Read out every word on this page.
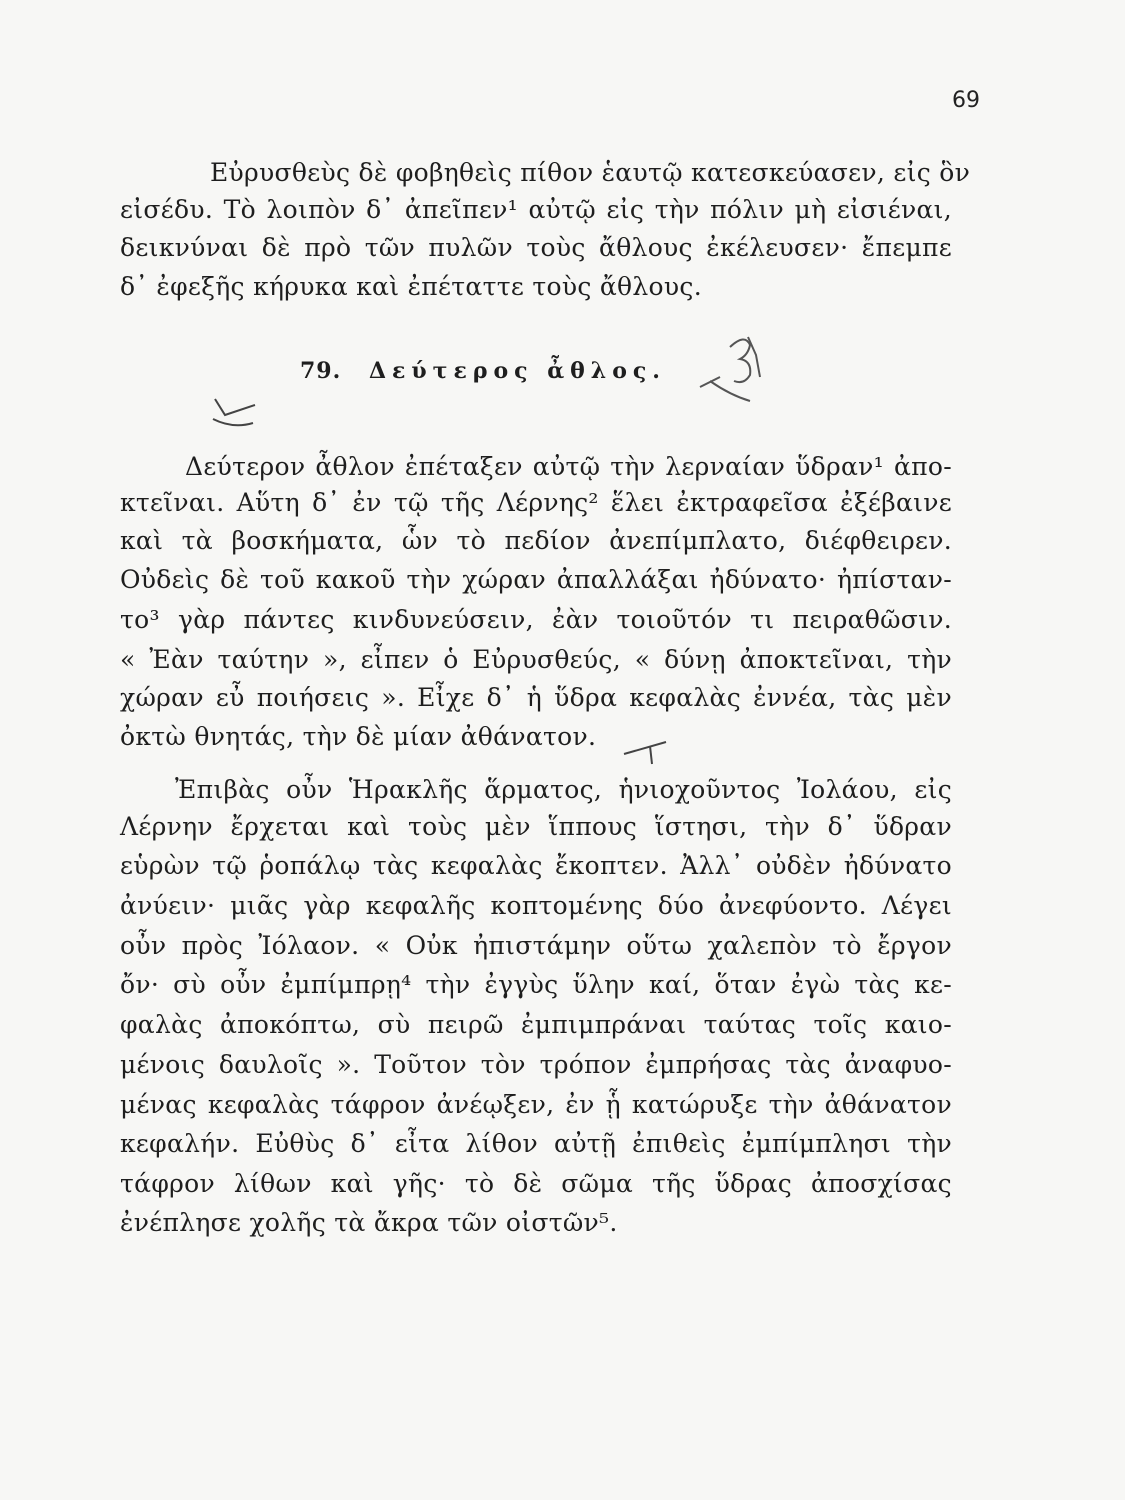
69
Εὐρυσθεὺς δὲ φοβηθεὶς πίθον ἑαυτῷ κατεσκεύασεν, εἰς ὃν
εἰσέδυ. Τὸ λοιπὸν δ᾿ ἀπεῖπεν¹ αὐτῷ εἰς τὴν πόλιν μὴ εἰσιέναι,
δεικνύναι δὲ πρὸ τῶν πυλῶν τοὺς ἄθλους ἐκέλευσεν· ἔπεμπε
δ᾿ ἐφεξῆς κήρυκα καὶ ἐπέταττε τοὺς ἄθλους.
79. Δεύτερος ἆθλος.
Δεύτερον ἆθλον ἐπέταξεν αὐτῷ τὴν λερναίαν ὕδραν¹ ἀπο-
κτεῖναι. Αὕτη δ᾿ ἐν τῷ τῆς Λέρνης² ἕλει ἐκτραφεῖσα ἐξέβαινε
καὶ τὰ βοσκήματα, ὧν τὸ πεδίον ἀνεπίμπλατο, διέφθειρεν.
Οὐδεὶς δὲ τοῦ κακοῦ τὴν χώραν ἀπαλλάξαι ἠδύνατο· ἠπίσταν-
το³ γὰρ πάντες κινδυνεύσειν, ἐὰν τοιοῦτόν τι πειραθῶσιν.
« Ἐὰν ταύτην », εἶπεν ὁ Εὐρυσθεύς, « δύνῃ ἀποκτεῖναι, τὴν
χώραν εὖ ποιήσεις ». Εἶχε δ᾿ ἡ ὕδρα κεφαλὰς ἐννέα, τὰς μὲν
ὀκτὼ θνητάς, τὴν δὲ μίαν ἀθάνατον.
Ἐπιβὰς οὖν Ἡρακλῆς ἅρματος, ἡνιοχοῦντος Ἰολάου, εἰς
Λέρνην ἔρχεται καὶ τοὺς μὲν ἵππους ἵστησι, τὴν δ᾿ ὕδραν
εὑρὼν τῷ ῥοπάλῳ τὰς κεφαλὰς ἔκοπτεν. Ἀλλ᾿ οὐδὲν ἠδύνατο
ἀνύειν· μιᾶς γὰρ κεφαλῆς κοπτομένης δύο ἀνεφύοντο. Λέγει
οὖν πρὸς Ἰόλαον. « Οὐκ ἠπιστάμην οὕτω χαλεπὸν τὸ ἔργον
ὄν· σὺ οὖν ἐμπίμπρῃ⁴ τὴν ἐγγὺς ὕλην καί, ὅταν ἐγὼ τὰς κε-
φαλὰς ἀποκόπτω, σὺ πειρῶ ἐμπιμπράναι ταύτας τοῖς καιο-
μένοις δαυλοῖς ». Τοῦτον τὸν τρόπον ἐμπρήσας τὰς ἀναφυο-
μένας κεφαλὰς τάφρον ἀνέῳξεν, ἐν ᾗ κατώρυξε τὴν ἀθάνατον
κεφαλήν. Εὐθὺς δ᾿ εἶτα λίθον αὐτῇ ἐπιθεὶς ἐμπίμπλησι τὴν
τάφρον λίθων καὶ γῆς· τὸ δὲ σῶμα τῆς ὕδρας ἀποσχίσας
ἐνέπλησε χολῆς τὰ ἄκρα τῶν οἰστῶν⁵.
